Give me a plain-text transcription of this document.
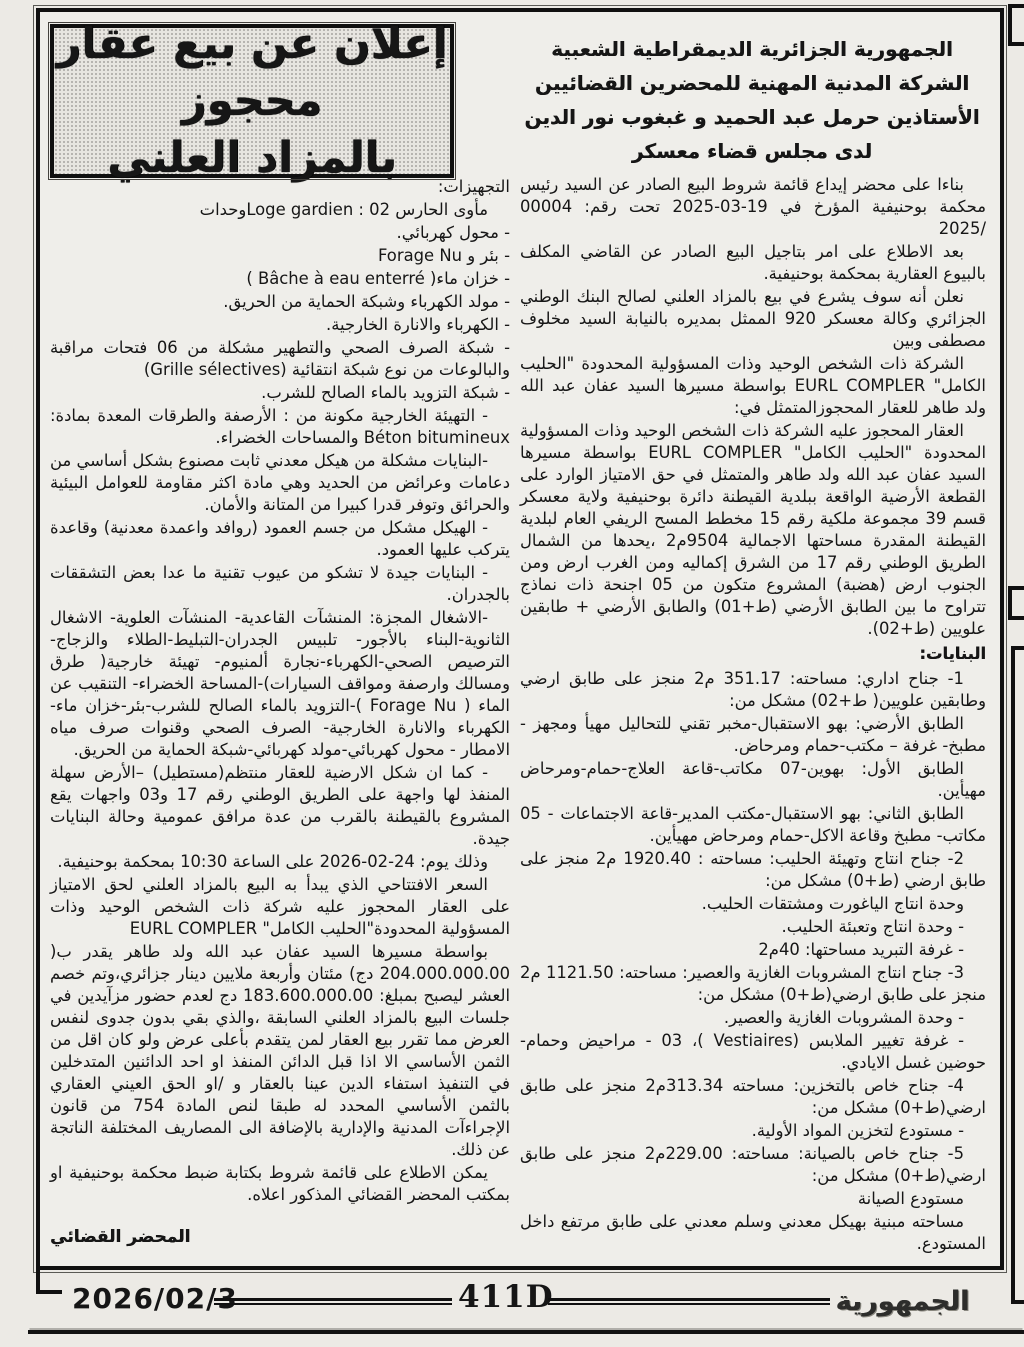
إعلان عن بيع عقار محجوز
بالمزاد العلني
الجمهورية الجزائرية الديمقراطية الشعبية
الشركة المدنية المهنية للمحضرين القضائيين
الأستاذين حرمل عبد الحميد و غبغوب نور الدين
لدى مجلس قضاء معسكر

بناءا على محضر إيداع قائمة شروط البيع الصادر عن السيد رئيس محكمة بوحنيفية المؤرخ في 19-03-2025 تحت رقم: 00004 /2025

بعد الاطلاع على امر بتاجيل البيع الصادر عن القاضي المكلف بالبيوع العقارية بمحكمة بوحنيفية.

نعلن أنه سوف يشرع في بيع بالمزاد العلني لصالح البنك الوطني الجزائري وكالة معسكر 920 الممثل بمديره بالنيابة السيد مخلوف مصطفى وبين

الشركة ذات الشخص الوحيد وذات المسؤولية المحدودة "الحليب الكامل" EURL COMPLER بواسطة مسيرها السيد عفان عبد الله ولد طاهر للعقار المحجوزالمتمثل في:

العقار المحجوز عليه الشركة ذات الشخص الوحيد وذات المسؤولية المحدودة "الحليب الكامل" EURL COMPLER بواسطة مسيرها السيد عفان عبد الله ولد طاهر والمتمثل في حق الامتياز الوارد على القطعة الأرضية الواقعة ببلدية القيطنة دائرة بوحنيفية ولاية معسكر قسم 39 مجموعة ملكية رقم 15 مخطط المسح الريفي العام لبلدية القيطنة المقدرة مساحتها الاجمالية 9504م2 ،يحدها من الشمال الطريق الوطني رقم 17 من الشرق إكماليه ومن الغرب ارض ومن الجنوب ارض (هضبة) المشروع متكون من 05 اجنحة ذات نماذج تتراوح ما بين الطابق الأرضي (ط+01) والطابق الأرضي + طابقين علويين (ط+02).

البنايات:

1- جناح اداري: مساحته: 351.17 م2 منجز على طابق ارضي وطابقين علويين( ط+02) مشكل من:

الطابق الأرضي: بهو الاستقبال-مخبر تقني للتحاليل مهيأ ومجهز - مطبخ- غرفة – مكتب-حمام ومرحاض.

الطابق الأول: بهوين-07 مكاتب-قاعة العلاج-حمام-ومرحاض مهيأين.

الطابق الثاني: بهو الاستقبال-مكتب المدير-قاعة الاجتماعات - 05 مكاتب- مطبخ وقاعة الاكل-حمام ومرحاض مهيأين.

2- جناح انتاج وتهيئة الحليب: مساحته : 1920.40 م2 منجز على طابق ارضي (ط+0) مشكل من:

وحدة انتاج الياغورت ومشتقات الحليب.

- وحدة انتاج وتعبئة الحليب.

- غرفة التبريد مساحتها: 40م2

3- جناح انتاج المشروبات الغازية والعصير: مساحته: 1121.50 م2 منجز على طابق ارضي(ط+0) مشكل من:

- وحدة المشروبات الغازية والعصير.

- غرفة تغيير الملابس (Vestiaires )، 03 - مراحيض وحمام- حوضين غسل الايادي.

4- جناح خاص بالتخزين: مساحته 313.34م2 منجز على طابق ارضي(ط+0) مشكل من:

- مستودع لتخزين المواد الأولية.

5- جناح خاص بالصيانة: مساحته: 229.00م2 منجز على طابق ارضي(ط+0) مشكل من:

مستودع الصيانة

مساحته مبنية بهيكل معدني وسلم معدني على طابق مرتفع داخل المستودع.

التجهيزات:

مأوى الحارس Loge gardien : 02وحدات

- محول كهربائي.

- بئر و Forage Nu

- خزان ماء( Bâche à eau enterré )

- مولد الكهرباء وشبكة الحماية من الحريق.

- الكهرباء والانارة الخارجية.

- شبكة الصرف الصحي والتطهير مشكلة من 06 فتحات مراقبة والبالوعات من نوع شبكة انتقائية (Grille sélectives)

- شبكة التزويد بالماء الصالح للشرب.

- التهيئة الخارجية مكونة من : الأرصفة والطرقات المعدة بمادة: Béton bitumineux والمساحات الخضراء.

-البنايات مشكلة من هيكل معدني ثابت مصنوع بشكل أساسي من دعامات وعرائض من الحديد وهي مادة اكثر مقاومة للعوامل البيئية والحرائق وتوفر قدرا كبيرا من المتانة والأمان.

- الهيكل مشكل من جسم العمود (روافد واعمدة معدنية) وقاعدة يتركب عليها العمود.

- البنايات جيدة لا تشكو من عيوب تقنية ما عدا بعض التشققات بالجدران.

-الاشغال المجزة: المنشآت القاعدية- المنشآت العلوية- الاشغال الثانوية-البناء بالأجور- تلبيس الجدران-التبليط-الطلاء والزجاج-الترصيص الصحي-الكهرباء-نجارة ألمنيوم- تهيئة خارجية( طرق ومسالك وارصفة ومواقف السيارات)-المساحة الخضراء- التنقيب عن الماء ( Forage Nu )-التزويد بالماء الصالح للشرب-بئر-خزان ماء-الكهرباء والانارة الخارجية- الصرف الصحي وقنوات صرف مياه الامطار - محول كهربائي-مولد كهربائي-شبكة الحماية من الحريق.

- كما ان شكل الارضية للعقار منتظم(مستطيل) –الأرض سهلة المنفذ لها واجهة على الطريق الوطني رقم 17 و03 واجهات يقع المشروع بالقيطنة بالقرب من عدة مرافق عمومية وحالة البنايات جيدة.

وذلك يوم: 24-02-2026 على الساعة 10:30 بمحكمة بوحنيفية.

السعر الافتتاحي الذي يبدأ به البيع بالمزاد العلني لحق الامتياز على العقار المحجوز عليه شركة ذات الشخص الوحيد وذات المسؤولية المحدودة"الحليب الكامل" EURL COMPLER

بواسطة مسيرها السيد عفان عبد الله ولد طاهر يقدر ب( 204.000.000.00 دج) مئتان وأربعة ملايين دينار جزائري،وتم خصم العشر ليصبح بمبلغ: 183.600.000.00 دج لعدم حضور مزآيدين في جلسات البيع بالمزاد العلني السابقة ،والذي بقي بدون جدوى لنفس العرض مما تقرر بيع العقار لمن يتقدم بأعلى عرض ولو كان اقل من الثمن الأساسي الا اذا قبل الدائن المنفذ او احد الدائنين المتدخلين في التنفيذ استفاء الدين عينا بالعقار و /او الحق العيني العقاري بالثمن الأساسي المحدد له طبقا لنص المادة 754 من قانون الإجراءآت المدنية والإدارية بالإضافة الى المصاريف المختلفة الناتجة عن ذلك.

يمكن الاطلاع على قائمة شروط بكتابة ضبط محكمة بوحنيفية او بمكتب المحضر القضائي المذكور اعلاه.

المحضر القضائي

2026/02/3	411D	الجمهورية
